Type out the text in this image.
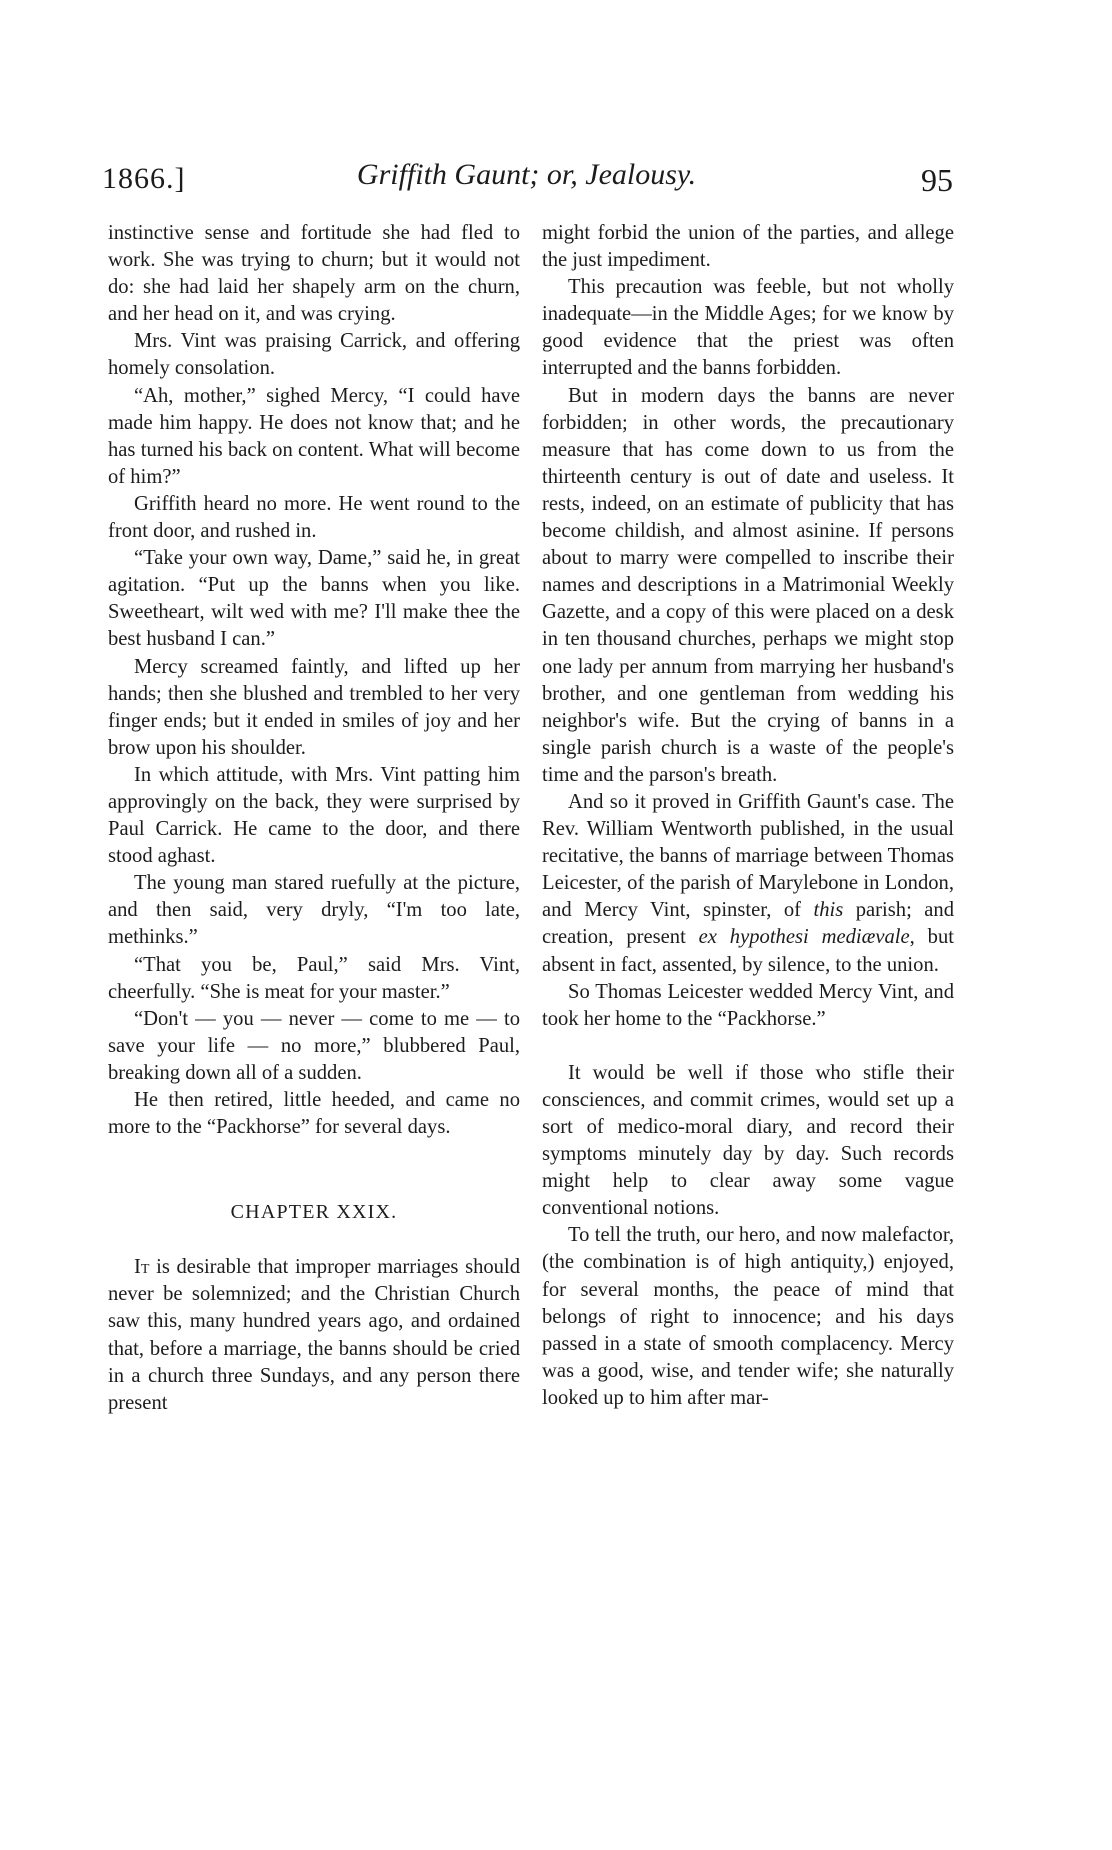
1866.]	Griffith Gaunt; or, Jealousy.	95

instinctive sense and fortitude she had fled to work. She was trying to churn; but it would not do: she had laid her shapely arm on the churn, and her head on it, and was crying.

Mrs. Vint was praising Carrick, and offering homely consolation.

“Ah, mother,” sighed Mercy, “I could have made him happy. He does not know that; and he has turned his back on content. What will become of him?”

Griffith heard no more. He went round to the front door, and rushed in.

“Take your own way, Dame,” said he, in great agitation. “Put up the banns when you like. Sweetheart, wilt wed with me? I'll make thee the best husband I can.”

Mercy screamed faintly, and lifted up her hands; then she blushed and trembled to her very finger ends; but it ended in smiles of joy and her brow upon his shoulder.

In which attitude, with Mrs. Vint patting him approvingly on the back, they were surprised by Paul Carrick. He came to the door, and there stood aghast.

The young man stared ruefully at the picture, and then said, very dryly, “I'm too late, methinks.”

“That you be, Paul,” said Mrs. Vint, cheerfully. “She is meat for your master.”

“Don't — you — never — come to me — to save your life — no more,” blubbered Paul, breaking down all of a sudden.

He then retired, little heeded, and came no more to the “Packhorse” for several days.

CHAPTER XXIX.

It is desirable that improper marriages should never be solemnized; and the Christian Church saw this, many hundred years ago, and ordained that, before a marriage, the banns should be cried in a church three Sundays, and any person there present

might forbid the union of the parties, and allege the just impediment.

This precaution was feeble, but not wholly inadequate—in the Middle Ages; for we know by good evidence that the priest was often interrupted and the banns forbidden.

But in modern days the banns are never forbidden; in other words, the precautionary measure that has come down to us from the thirteenth century is out of date and useless. It rests, indeed, on an estimate of publicity that has become childish, and almost asinine. If persons about to marry were compelled to inscribe their names and descriptions in a Matrimonial Weekly Gazette, and a copy of this were placed on a desk in ten thousand churches, perhaps we might stop one lady per annum from marrying her husband's brother, and one gentleman from wedding his neighbor's wife. But the crying of banns in a single parish church is a waste of the people's time and the parson's breath.

And so it proved in Griffith Gaunt's case. The Rev. William Wentworth published, in the usual recitative, the banns of marriage between Thomas Leicester, of the parish of Marylebone in London, and Mercy Vint, spinster, of this parish; and creation, present ex hypothesi mediævale, but absent in fact, assented, by silence, to the union.

So Thomas Leicester wedded Mercy Vint, and took her home to the “Packhorse.”

It would be well if those who stifle their consciences, and commit crimes, would set up a sort of medico-moral diary, and record their symptoms minutely day by day. Such records might help to clear away some vague conventional notions.

To tell the truth, our hero, and now malefactor, (the combination is of high antiquity,) enjoyed, for several months, the peace of mind that belongs of right to innocence; and his days passed in a state of smooth complacency. Mercy was a good, wise, and tender wife; she naturally looked up to him after mar-
